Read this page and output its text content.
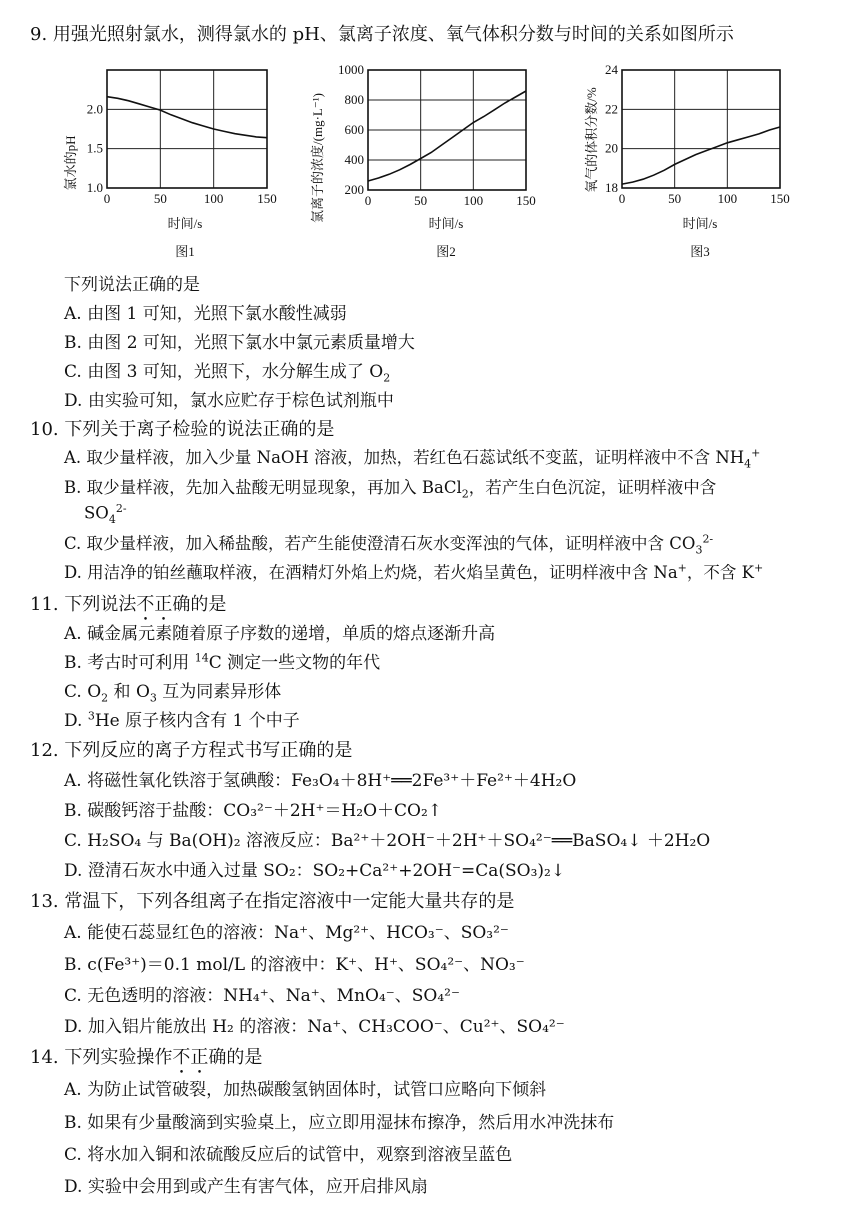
9. 用强光照射氯水，测得氯水的 pH、氯离子浓度、氧气体积分数与时间的关系如图所示
0	50	100	150
1.0
1.5
2.0
氯水的pH
时间/s
图1
0	50	100	150
200
400
600
800
1000
氯离子的浓度/(mg·L⁻¹)
时间/s
图2
0	50	100	150
18
20
22
24
氧气的体积分数/%
时间/s
图3
下列说法正确的是
A. 由图 1 可知，光照下氯水酸性减弱
B. 由图 2 可知，光照下氯水中氯元素质量增大
C. 由图 3 可知，光照下，水分解生成了 $O_2$
D. 由实验可知，氯水应贮存于棕色试剂瓶中
10. 下列关于离子检验的说法正确的是
A. 取少量样液，加入少量 NaOH 溶液，加热，若红色石蕊试纸不变蓝，证明样液中不含 $NH_4^+$
B. 取少量样液，先加入盐酸无明显现象，再加入 BaCl$_2$，若产生白色沉淀，证明样液中含
$SO_4^{2-}$
C. 取少量样液，加入稀盐酸，若产生能使澄清石灰水变浑浊的气体，证明样液中含 $CO_3^{2-}$
D. 用洁净的铂丝蘸取样液，在酒精灯外焰上灼烧，若火焰呈黄色，证明样液中含 Na+，不含 K+
11. 下列说法不正确的是
A. 碱金属元素随着原子序数的递增，单质的熔点逐渐升高
B. 考古时可利用 $^{14}$C 测定一些文物的年代
C. $O_2$ 和 $O_3$ 互为同素异形体
D. $^3$He 原子核内含有 1 个中子
12. 下列反应的离子方程式书写正确的是
A. 将磁性氧化铁溶于氢碘酸：Fe₃O₄＋8H⁺══2Fe³⁺＋Fe²⁺＋4H₂O
B. 碳酸钙溶于盐酸：CO₃²⁻＋2H⁺＝H₂O＋CO₂↑
C. H₂SO₄ 与 Ba(OH)₂ 溶液反应：Ba²⁺＋2OH⁻＋2H⁺＋SO₄²⁻══BaSO₄↓ ＋2H₂O
D. 澄清石灰水中通入过量 SO₂：SO₂+Ca²⁺+2OH⁻=Ca(SO₃)₂↓
13. 常温下，下列各组离子在指定溶液中一定能大量共存的是
A. 能使石蕊显红色的溶液：Na⁺、Mg²⁺、HCO₃⁻、SO₃²⁻
B. c(Fe³⁺)＝0.1 mol/L 的溶液中：K⁺、H⁺、SO₄²⁻、NO₃⁻
C. 无色透明的溶液：NH₄⁺、Na⁺、MnO₄⁻、SO₄²⁻
D. 加入铝片能放出 H₂ 的溶液：Na⁺、CH₃COO⁻、Cu²⁺、SO₄²⁻
14. 下列实验操作不正确的是
A. 为防止试管破裂，加热碳酸氢钠固体时，试管口应略向下倾斜
B. 如果有少量酸滴到实验桌上，应立即用湿抹布擦净，然后用水冲洗抹布
C. 将水加入铜和浓硫酸反应后的试管中，观察到溶液呈蓝色
D. 实验中会用到或产生有害气体，应开启排风扇
